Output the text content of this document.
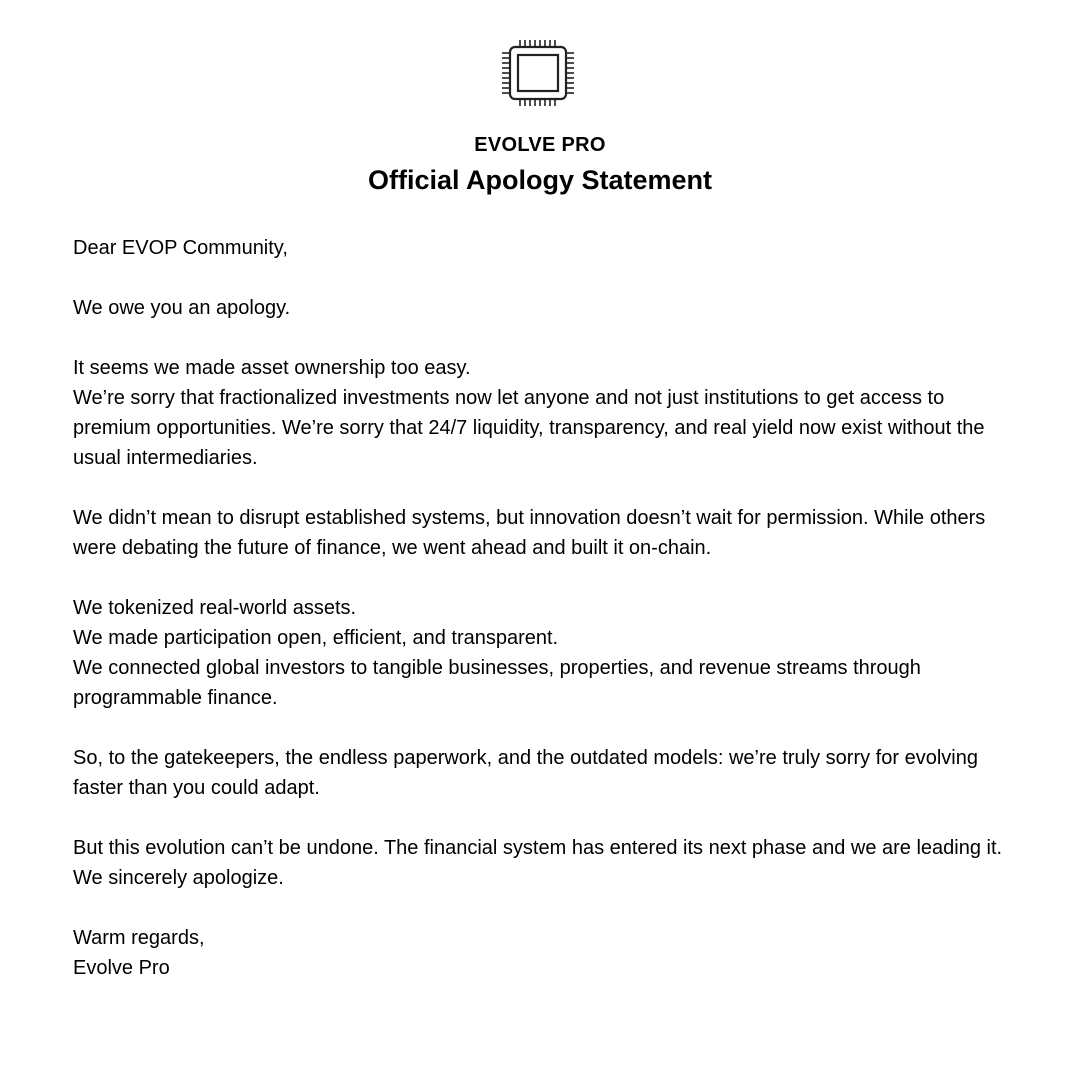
EVOLVE PRO
Official Apology Statement

Dear EVOP Community,

We owe you an apology.

It seems we made asset ownership too easy.
We’re sorry that fractionalized investments now let anyone and not just institutions to get access to premium opportunities. We’re sorry that 24/7 liquidity, transparency, and real yield now exist without the usual intermediaries.

We didn’t mean to disrupt established systems, but innovation doesn’t wait for permission. While others were debating the future of finance, we went ahead and built it on-chain.

We tokenized real-world assets.
We made participation open, efficient, and transparent.
We connected global investors to tangible businesses, properties, and revenue streams through programmable finance.

So, to the gatekeepers, the endless paperwork, and the outdated models: we’re truly sorry for evolving faster than you could adapt.

But this evolution can’t be undone. The financial system has entered its next phase and we are leading it.
We sincerely apologize.

Warm regards,
Evolve Pro
